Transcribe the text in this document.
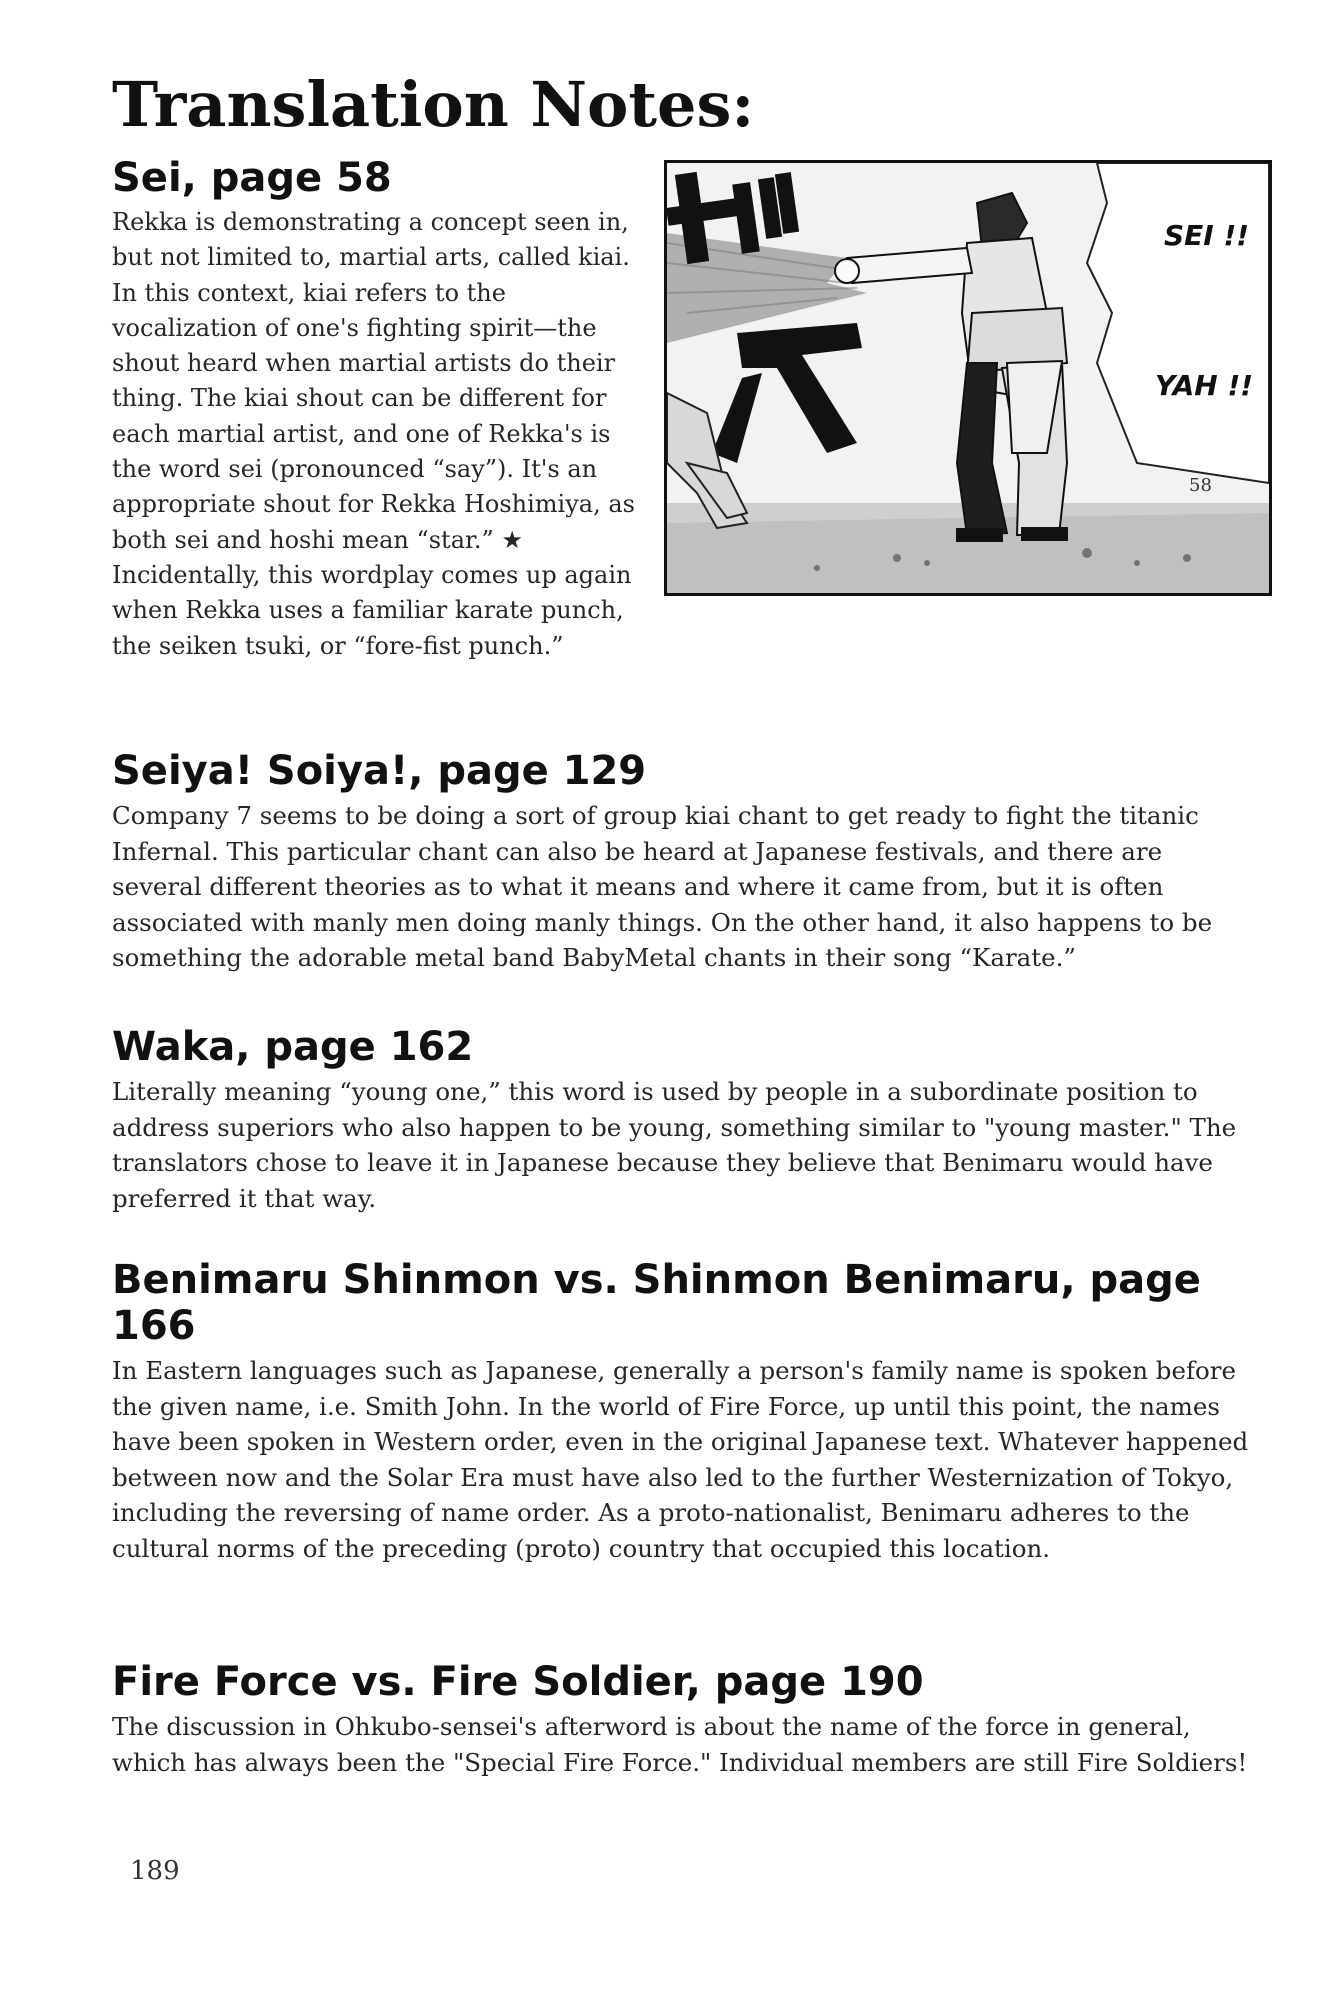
Translation Notes:
Sei, page 58

Rekka is demonstrating a concept seen in, but not limited to, martial arts, called kiai. In this context, kiai refers to the vocalization of one's fighting spirit—the shout heard when martial artists do their thing. The kiai shout can be different for each martial artist, and one of Rekka's is the word sei (pronounced “say”). It's an appropriate shout for Rekka Hoshimiya, as both sei and hoshi mean “star.” ★ Incidentally, this wordplay comes up again when Rekka uses a familiar karate punch, the seiken tsuki, or “fore-fist punch.”

SEI !!
YAH !!
58
Seiya! Soiya!, page 129

Company 7 seems to be doing a sort of group kiai chant to get ready to fight the titanic Infernal. This particular chant can also be heard at Japanese festivals, and there are several different theories as to what it means and where it came from, but it is often associated with manly men doing manly things. On the other hand, it also happens to be something the adorable metal band BabyMetal chants in their song “Karate.”

Waka, page 162

Literally meaning “young one,” this word is used by people in a subordinate position to address superiors who also happen to be young, something similar to "young master." The translators chose to leave it in Japanese because they believe that Benimaru would have preferred it that way.

Benimaru Shinmon vs. Shinmon Benimaru, page 166

In Eastern languages such as Japanese, generally a person's family name is spoken before the given name, i.e. Smith John. In the world of Fire Force, up until this point, the names have been spoken in Western order, even in the original Japanese text. Whatever happened between now and the Solar Era must have also led to the further Westernization of Tokyo, including the reversing of name order. As a proto-nationalist, Benimaru adheres to the cultural norms of the preceding (proto) country that occupied this location.

Fire Force vs. Fire Soldier, page 190

The discussion in Ohkubo-sensei's afterword is about the name of the force in general, which has always been the "Special Fire Force." Individual members are still Fire Soldiers!

189
